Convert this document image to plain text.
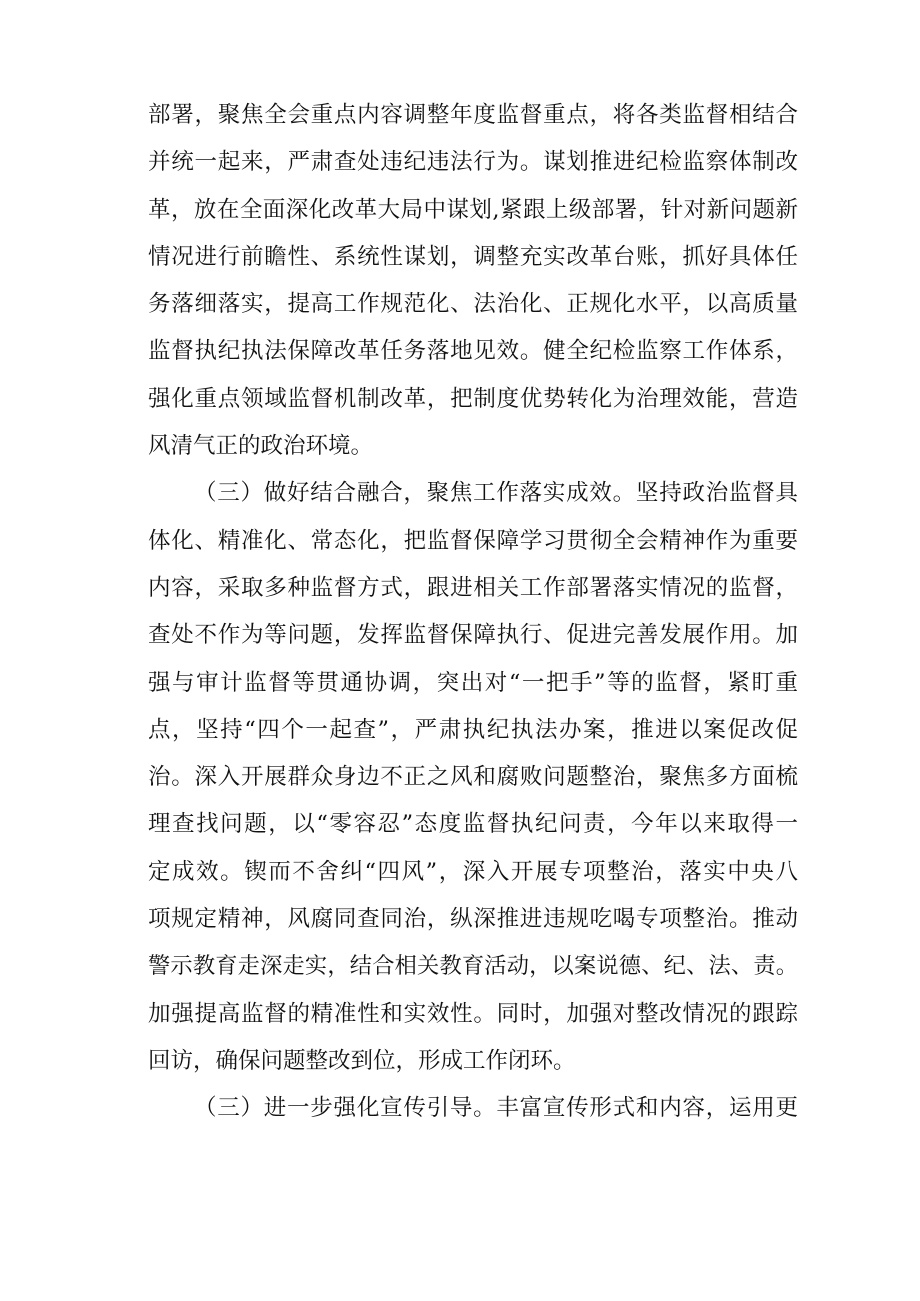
部署，聚焦全会重点内容调整年度监督重点，将各类监督相结合
并统一起来，严肃查处违纪违法行为。谋划推进纪检监察体制改
革，放在全面深化改革大局中谋划,紧跟上级部署，针对新问题新
情况进行前瞻性、系统性谋划，调整充实改革台账，抓好具体任
务落细落实，提高工作规范化、法治化、正规化水平，以高质量
监督执纪执法保障改革任务落地见效。健全纪检监察工作体系，
强化重点领域监督机制改革，把制度优势转化为治理效能，营造
风清气正的政治环境。
（三）做好结合融合，聚焦工作落实成效。坚持政治监督具
体化、精准化、常态化，把监督保障学习贯彻全会精神作为重要
内容，采取多种监督方式，跟进相关工作部署落实情况的监督，
查处不作为等问题，发挥监督保障执行、促进完善发展作用。加
强与审计监督等贯通协调，突出对“一把手”等的监督，紧盯重
点，坚持“四个一起查”，严肃执纪执法办案，推进以案促改促
治。深入开展群众身边不正之风和腐败问题整治，聚焦多方面梳
理查找问题，以“零容忍”态度监督执纪问责，今年以来取得一
定成效。锲而不舍纠“四风”，深入开展专项整治，落实中央八
项规定精神，风腐同查同治，纵深推进违规吃喝专项整治。推动
警示教育走深走实，结合相关教育活动，以案说德、纪、法、责。
加强提高监督的精准性和实效性。同时，加强对整改情况的跟踪
回访，确保问题整改到位，形成工作闭环。
（三）进一步强化宣传引导。丰富宣传形式和内容，运用更
